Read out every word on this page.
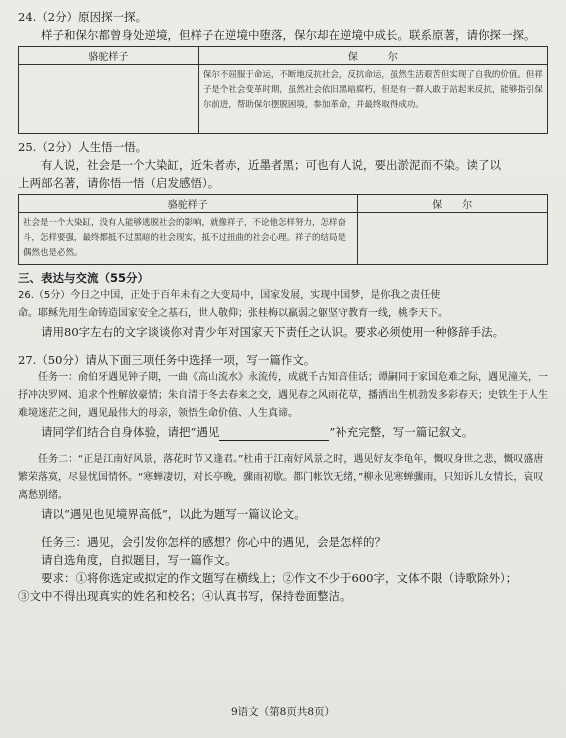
24.（2分）原因探一探。
样子和保尔都曾身处逆境，但样子在逆境中堕落，保尔却在逆境中成长。联系原著，请你探一探。
骆驼样子	保　　　尔
	保尔不屈服于命运，不断地反抗社会，反抗命运，虽然生活艰苦但实现了自我的价值。但祥子是个社会变革时期，虽然社会依旧黑暗腐朽，但是有一群人敢于站起来反抗，能够指引保尔前进，帮助保尔摆脱困境，参加革命，并最终取得成功。
25.（2分）人生悟一悟。
有人说，社会是一个大染缸，近朱者赤，近墨者黑；可也有人说，要出淤泥而不染。读了以
上两部名著，请你悟一悟（启发感悟）。
骆驼样子	保　　尔
社会是一个大染缸，没有人能够逃脱社会的影响，就像祥子，不论他怎样努力，怎样奋斗，怎样要强，最终都抵不过黑暗的社会现实，抵不过扭曲的社会心理。祥子的结局是偶然也是必然。	
三、表达与交流（55分）
26.（5分）今日之中国，正处于百年未有之大变局中，国家发展，实现中国梦，是你我之责任使
命。耶稣先用生命铸造国家安全之基石，世人敬仰；张桂梅以羸弱之躯坚守教育一线，桃李天下。
请用80字左右的文字谈谈你对青少年对国家天下责任之认识。要求必须使用一种修辞手法。
27.（50分）请从下面三项任务中选择一项，写一篇作文。
任务一：俞伯牙遇见钟子期，一曲《高山流水》永流传，成就千古知音佳话；谭嗣同于家国危难之际，遇见潼关，一抒冲决罗网、追求个性解放豪情；朱自清于冬去春来之交，遇见春之风雨花草，播洒出生机勃发多彩春天；史铁生于人生难境迷茫之间，遇见最伟大的母亲，领悟生命价值、人生真谛。
请同学们结合自身体验，请把“遇见	”补充完整，写一篇记叙文。
任务二：“正是江南好风景，落花时节又逢君。”杜甫于江南好风景之时，遇见好友李龟年，慨叹身世之悲，慨叹盛唐繁荣落寞，尽显忧国情怀。“寒蝉凄切，对长亭晚，骤雨初歇。都门帐饮无绪，”柳永见寒蝉骤雨，只知诉儿女情长，哀叹离愁别绪。
请以“遇见也见境界高低”，以此为题写一篇议论文。
任务三：遇见，会引发你怎样的感想？你心中的遇见，会是怎样的？
请自选角度，自拟题目，写一篇作文。
要求：①将你选定或拟定的作文题写在横线上；②作文不少于600字，文体不限（诗歌除外）；
③文中不得出现真实的姓名和校名；④认真书写，保持卷面整洁。
9语文（第8页共8页）
